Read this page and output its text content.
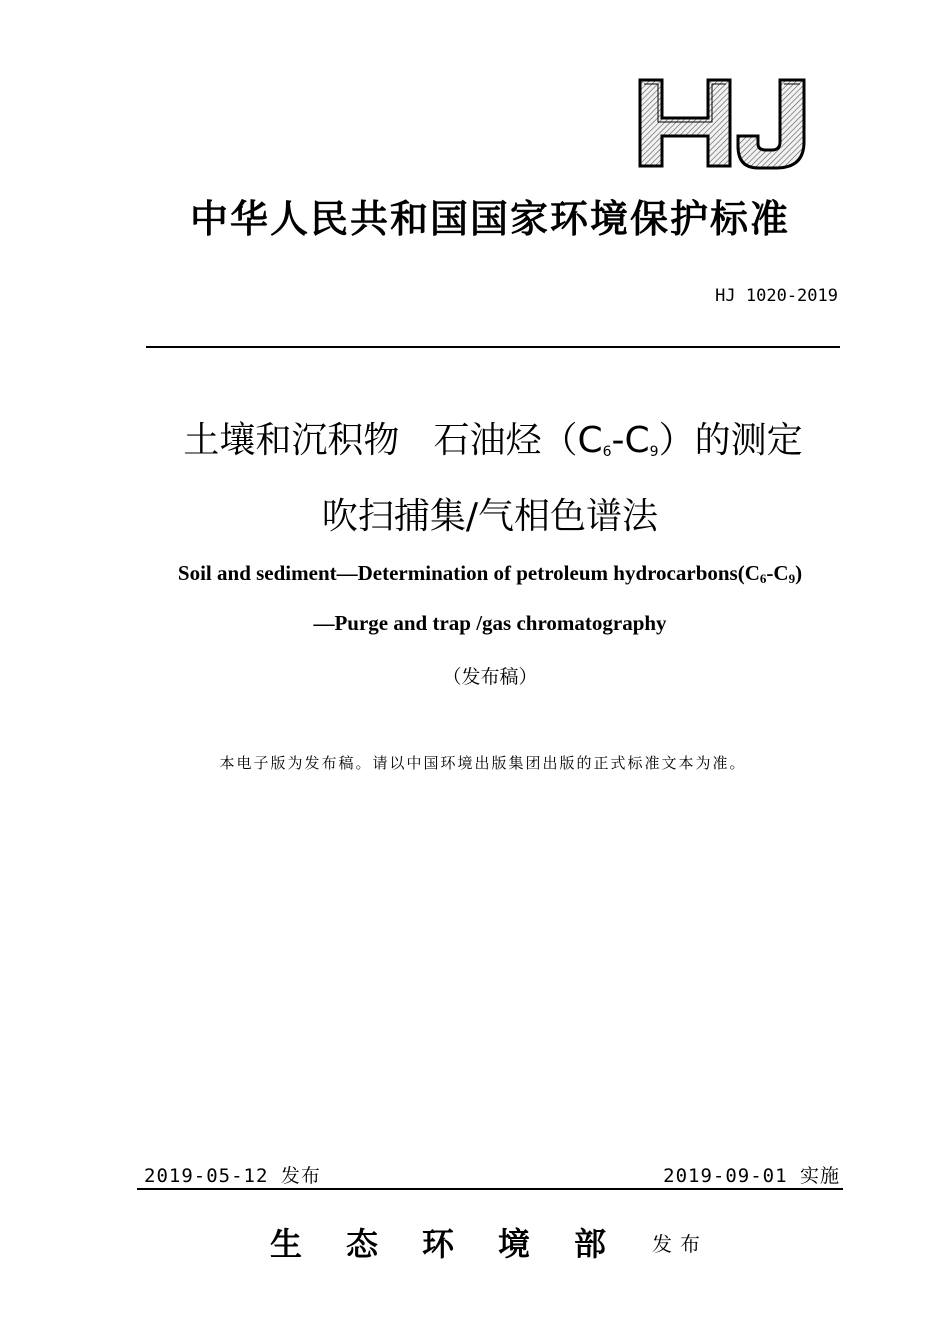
中华人民共和国国家环境保护标准
HJ 1020-2019
土壤和沉积物 石油烃$(C_6-C_9)$的测定
吹扫捕集/气相色谱法
Soil and sediment—Determination of petroleum $hydrocarbons(C_6-C_9)$
—Purge and trap /gas chromatography
（发布稿）
本电子版为发布稿。请以中国环境出版集团出版的正式标准文本为准。
2019-05-12 发布	2019-09-01 实施
生态环境部 发布
